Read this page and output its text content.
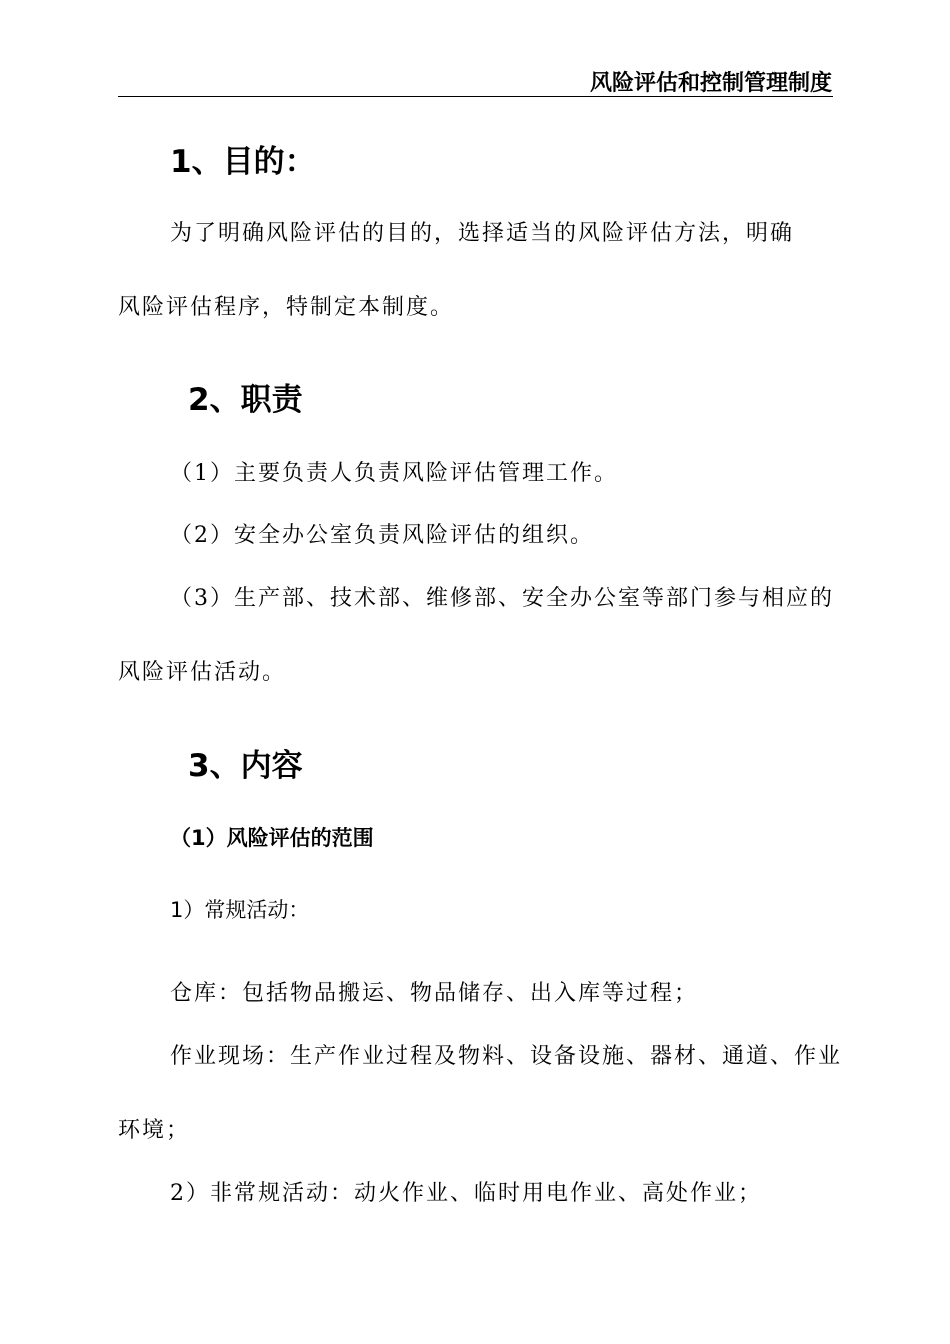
风险评估和控制管理制度
1、目的：
为了明确风险评估的目的，选择适当的风险评估方法，明确
风险评估程序，特制定本制度。
2、职责
（1）主要负责人负责风险评估管理工作。
（2）安全办公室负责风险评估的组织。
（3）生产部、技术部、维修部、安全办公室等部门参与相应的
风险评估活动。
3、内容
（1）风险评估的范围
1）常规活动：
仓库：包括物品搬运、物品储存、出入库等过程；
作业现场：生产作业过程及物料、设备设施、器材、通道、作业
环境；
2）非常规活动：动火作业、临时用电作业、高处作业；
